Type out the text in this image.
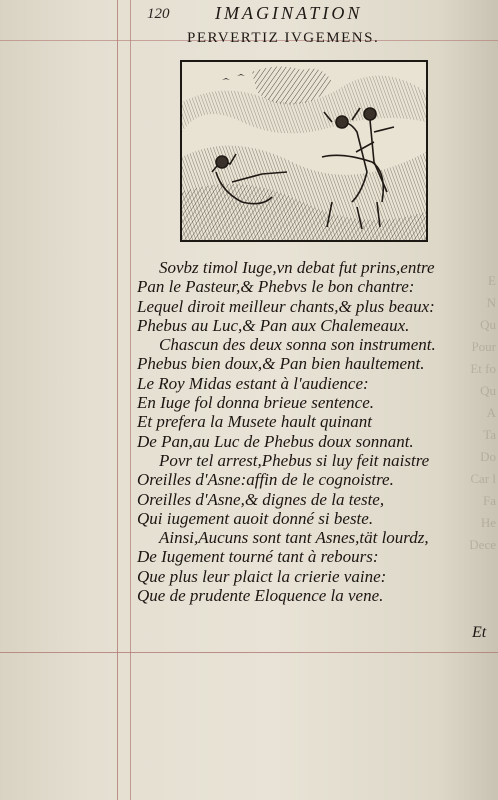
E
N
Qu
Pour
Et fo
Qu
A
Ta
Do
Car l
Fa
He
Dece
120	IMAGINATION
PERVERTIZ IVGEMENS.
Sovbz timol Iuge,vn debat fut prins,entre
Pan le Pasteur,& Phebvs le bon chantre:
Lequel diroit meilleur chants,& plus beaux:
Phebus au Luc,& Pan aux Chalemeaux.
Chascun des deux sonna son instrument.
Phebus bien doux,& Pan bien haultement.
Le Roy Midas estant à l'audience:
En Iuge fol donna brieue sentence.
Et prefera la Musete hault quinant
De Pan,au Luc de Phebus doux sonnant.
Povr tel arrest,Phebus si luy feit naistre
Oreilles d'Asne:affin de le cognoistre.
Oreilles d'Asne,& dignes de la teste,
Qui iugement auoit donné si beste.
Ainsi,Aucuns sont tant Asnes,tät lourdz,
De Iugement tourné tant à rebours:
Que plus leur plaict la crierie vaine:
Que de prudente Eloquence la vene.
Et
